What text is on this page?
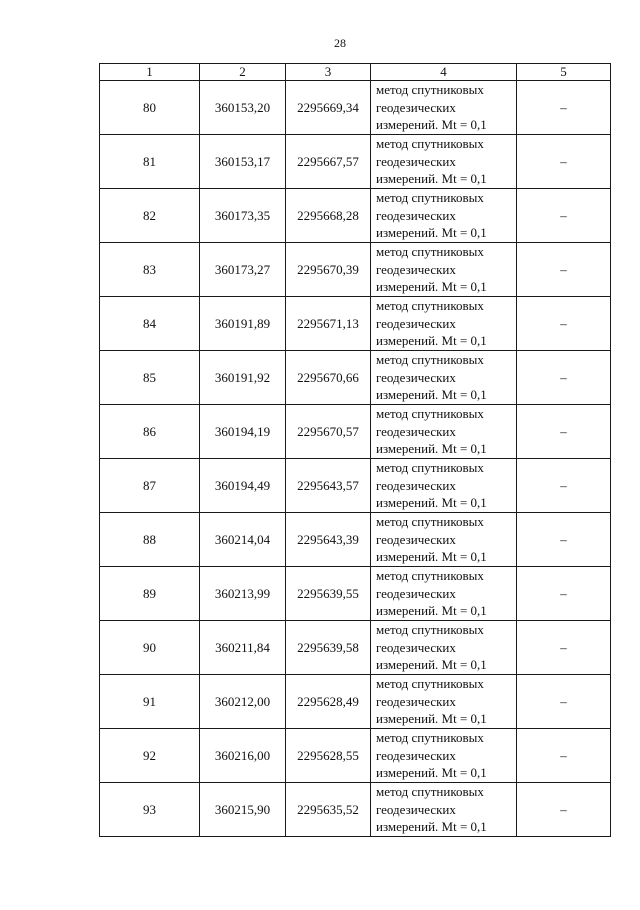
28
1	2	3	4	5
80	360153,20	2295669,34	метод спутниковых
геодезических
измерений. Mt = 0,1	–
81	360153,17	2295667,57	метод спутниковых
геодезических
измерений. Mt = 0,1	–
82	360173,35	2295668,28	метод спутниковых
геодезических
измерений. Mt = 0,1	–
83	360173,27	2295670,39	метод спутниковых
геодезических
измерений. Mt = 0,1	–
84	360191,89	2295671,13	метод спутниковых
геодезических
измерений. Mt = 0,1	–
85	360191,92	2295670,66	метод спутниковых
геодезических
измерений. Mt = 0,1	–
86	360194,19	2295670,57	метод спутниковых
геодезических
измерений. Mt = 0,1	–
87	360194,49	2295643,57	метод спутниковых
геодезических
измерений. Mt = 0,1	–
88	360214,04	2295643,39	метод спутниковых
геодезических
измерений. Mt = 0,1	–
89	360213,99	2295639,55	метод спутниковых
геодезических
измерений. Mt = 0,1	–
90	360211,84	2295639,58	метод спутниковых
геодезических
измерений. Mt = 0,1	–
91	360212,00	2295628,49	метод спутниковых
геодезических
измерений. Mt = 0,1	–
92	360216,00	2295628,55	метод спутниковых
геодезических
измерений. Mt = 0,1	–
93	360215,90	2295635,52	метод спутниковых
геодезических
измерений. Mt = 0,1	–
